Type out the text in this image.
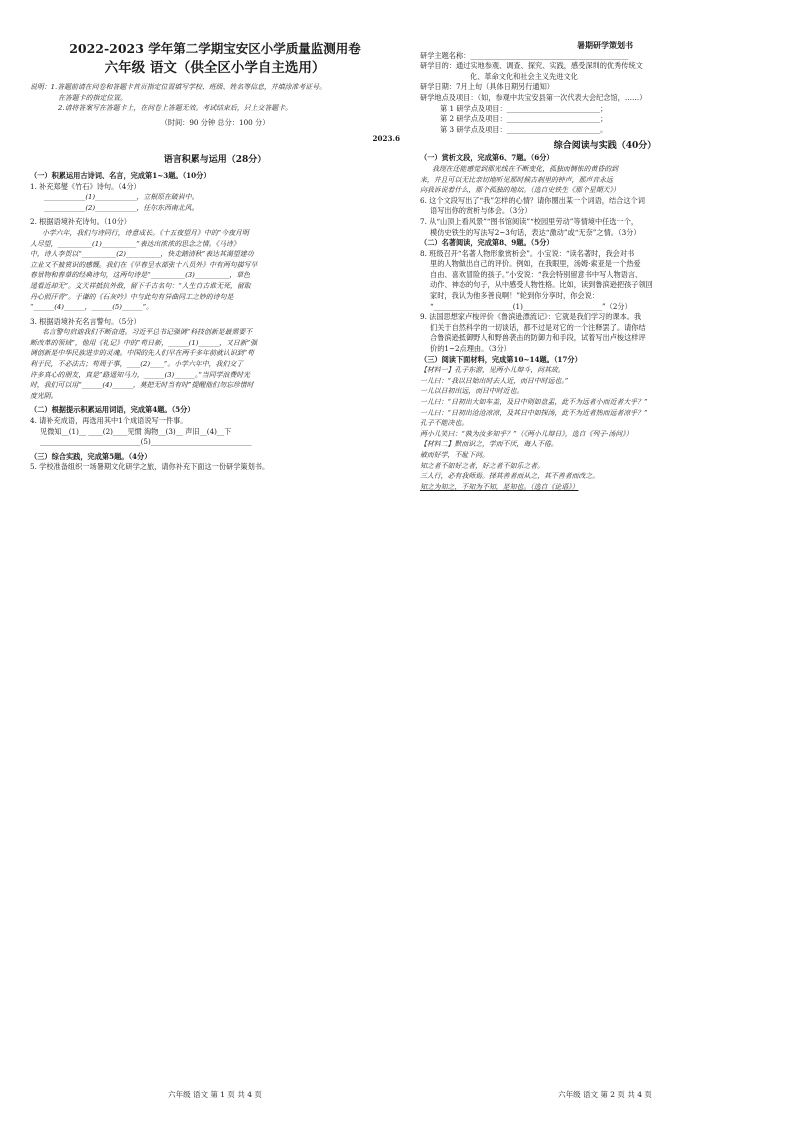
2022-2023 学年第二学期宝安区小学质量监测用卷
六年级 语文（供全区小学自主选用）
说明：1.答题前请在问卷和答题卡首页指定位置填写学校、班级、姓名等信息，并填涂准考证号。
在答题卡的指定位置。
2.请将答案写在答题卡上，在问卷上答题无效。考试结束后，只上交答题卡。
（时间：90 分钟 总分：100 分）
2023.6
语言积累与运用（28分）
（一）积累运用古诗词、名言，完成第1~3题。（10分）
1. 补充郑燮《竹石》诗句。（4分）
____________(1)____________，立根原在破岩中。
____________(2)____________，任尔东西南北风。
2. 根据语境补充诗句。（10分）
小学六年，我们与诗同行，诗意成长。《十五夜望月》中的“今夜月明
人尽望，__________(1)__________”表达出浓浓的思念之情。《马诗》
中，诗人李贺以“__________(2)__________，快走踏清秋”表达其渴望建功
立业又不被赏识的感慨。我们在《早春呈水部张十八员外》中有两句描写早
春景物和春草的经典诗句，这两句诗是“__________(3)__________，草色
遥看近却无”。文天祥抵抗外敌，留下千古名句：“人生自古谁无死，留取
丹心照汗青”。于谦的《石灰吟》中与此句有异曲同工之妙的诗句是
“______(4)______，______(5)______”。
3. 根据语境补充名言警句。（5分）
名言警句启迪我们不断奋进。习近平总书记强调“科技创新是最需要不
断改革的领域”，他用《礼记》中的“苟日新，______(1)______，又日新”强
调创新是中华民族进步的灵魂。中国的先人们早在两千多年前就认识到“苟
利于民，不必法古；苟周于事，____(2)____”。小学六年中，我们交了
许多真心的朋友，真是“路遥知马力，______(3)______。”当同学浪费时光
时，我们可以用“______(4)______，莫把无时当有时”提醒他们勿忘珍惜时
度光阴。
（二）根据提示积累运用词语，完成第4题。（5分）
4. 请补充成语，再选用其中1个成语说写一件事。
见微知__(1)__ ____(2)____见惯 淘物__(3)__ 声旧__(4)__下
____________________________(5)____________________________
（三）综合实践，完成第5题。（4分）
5. 学校准备组织一场暑期文化研学之旅，请你补充下面这一份研学策划书。
六年级 语文 第 1 页 共 4 页
暑期研学策划书
研学主题名称：____________________________________________
研学目的：通过实地参观、调查、探究、实践，感受深圳的优秀传统文
化、革命文化和社会主义先进文化
研学日期：7月上旬（具体日期另行通知）
研学地点及项目：（如，参观中共宝安县第一次代表大会纪念馆，……）
第 1 研学点及项目：__________________________；
第 2 研学点及项目：__________________________；
第 3 研学点及项目：__________________________。
综合阅读与实践（40分）
（一）赏析文段，完成第6、7题。（6分）
我现在还能感觉到那光线在不断变化，孤独而惆怅的黄昏的到
来，并且可以无比亲切地听见那时候古刹里的钟声，那声音永远
向我诉说着什么，那个孤独的地坛。（选自史铁生《那个星期天》）
6. 这个文段写出了“我”怎样的心情？请你圈出某一个词语，结合这个词
语写出你的赏析与体会。（3分）
7. 从“山顶上看风景”“图书馆阅读”“校园里劳动”等情境中任选一个，
模仿史铁生的写法写2~3句话，表达“激动”或“无奈”之情。（3分）
（二）名著阅读，完成第8、9题。（5分）
8. 班级召开“名著人物形象赏析会”。小宝说：“读名著时，我会对书
里的人物做出自己的评价。例如，在我眼里，汤姆·索亚是一个热爱
自由、喜欢冒险的孩子。”小安说：“我会特别留意书中写人物语言、
动作、神态的句子，从中感受人物性格。比如，读到鲁滨逊把孩子领回
家时，我认为他多善良啊！”轮到你分享时，你会说：
“______________________(1)______________________”（2分）
9. 法国思想家卢梭评价《鲁滨逊漂流记》：它就是我们学习的课本。我
们关于自然科学的一切谈话，都不过是对它的一个注释罢了。请你结
合鲁滨逊抵御野人和野兽袭击的防御力和手段，试着写出卢梭这样评
价的1~2点理由。（3分）
（三）阅读下面材料，完成第10~14题。（17分）
【材料一】孔子东游，见两小儿辩斗，问其故。
一儿曰：“我以日始出时去人近，而日中时远也。”
一儿以日初出远，而日中时近也。
一儿曰：“日初出大如车盖，及日中则如盘盂，此不为远者小而近者大乎？”
一儿曰：“日初出沧沧凉凉，及其日中如探汤，此不为近者热而远者凉乎？”
孔子不能决也。
两小儿笑曰：“孰为汝多知乎？”（《两小儿辩日》，选自《列子·汤问》）
【材料二】默而识之，学而不厌，诲人不倦。
敏而好学，不耻下问。
知之者不如好之者，好之者不如乐之者。
三人行，必有我师焉。择其善者而从之，其不善者而改之。
知之为知之，不知为不知，是知也。（选自《论语》）
六年级 语文 第 2 页 共 4 页
